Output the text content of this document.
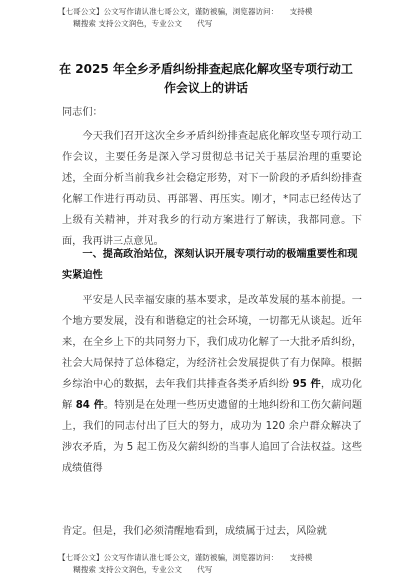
【七哥公文】公文写作请认准七哥公文，谨防被骗，浏览器访问：　　支持模
　　糊搜索 支持公文润色，专业公文　　代写
在 2025 年全乡矛盾纠纷排查起底化解攻坚专项行动工作会议上的讲话
同志们：
今天我们召开这次全乡矛盾纠纷排查起底化解攻坚专项行动工作会议，主要任务是深入学习贯彻总书记关于基层治理的重要论述，全面分析当前我乡社会稳定形势，对下一阶段的矛盾纠纷排查化解工作进行再动员、再部署、再压实。刚才，*同志已经传达了上级有关精神，并对我乡的行动方案进行了解读，我都同意。下面，我再讲三点意见。
一、提高政治站位，深刻认识开展专项行动的极端重要性和现实紧迫性
平安是人民幸福安康的基本要求，是改革发展的基本前提。一个地方要发展，没有和谐稳定的社会环境，一切都无从谈起。近年来，在全乡上下的共同努力下，我们成功化解了一大批矛盾纠纷，社会大局保持了总体稳定，为经济社会发展提供了有力保障。根据乡综治中心的数据，去年我们共排查各类矛盾纠纷 95 件，成功化解 84 件。特别是在处理一些历史遗留的土地纠纷和工伤欠薪问题上，我们的同志付出了巨大的努力，成功为 120 余户群众解决了涉农矛盾，为 5 起工伤及欠薪纠纷的当事人追回了合法权益。这些成绩值得
肯定。但是，我们必须清醒地看到，成绩属于过去，风险就
【七哥公文】公文写作请认准七哥公文，谨防被骗，浏览器访问：　　支持模
　　糊搜索 支持公文润色，专业公文　　代写
